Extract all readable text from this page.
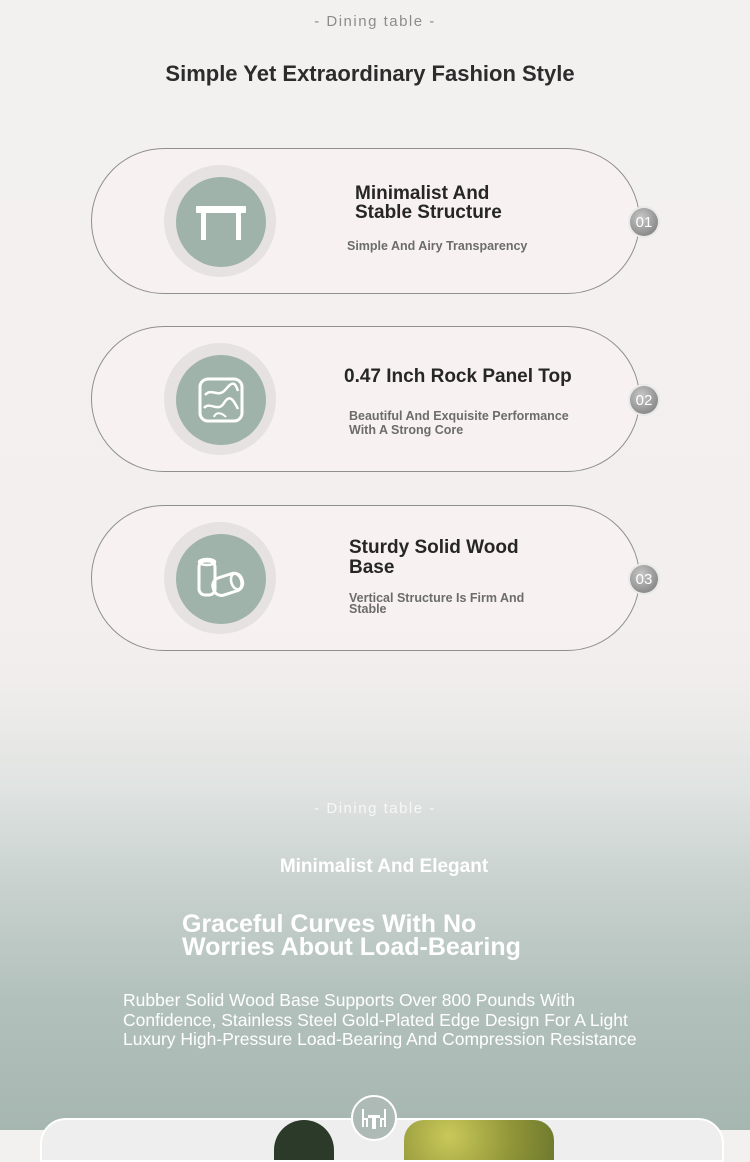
- Dining table -
Simple Yet Extraordinary Fashion Style
Minimalist And
Stable Structure
Simple And Airy Transparency
01
0.47 Inch Rock Panel Top
Beautiful And Exquisite Performance
With A Strong Core
02
Sturdy Solid Wood
Base
Vertical Structure Is Firm And
Stable
03
- Dining table -
Minimalist And Elegant
Graceful Curves With No
Worries About Load-Bearing
Rubber Solid Wood Base Supports Over 800 Pounds With
Confidence, Stainless Steel Gold-Plated Edge Design For A Light
Luxury High-Pressure Load-Bearing And Compression Resistance
